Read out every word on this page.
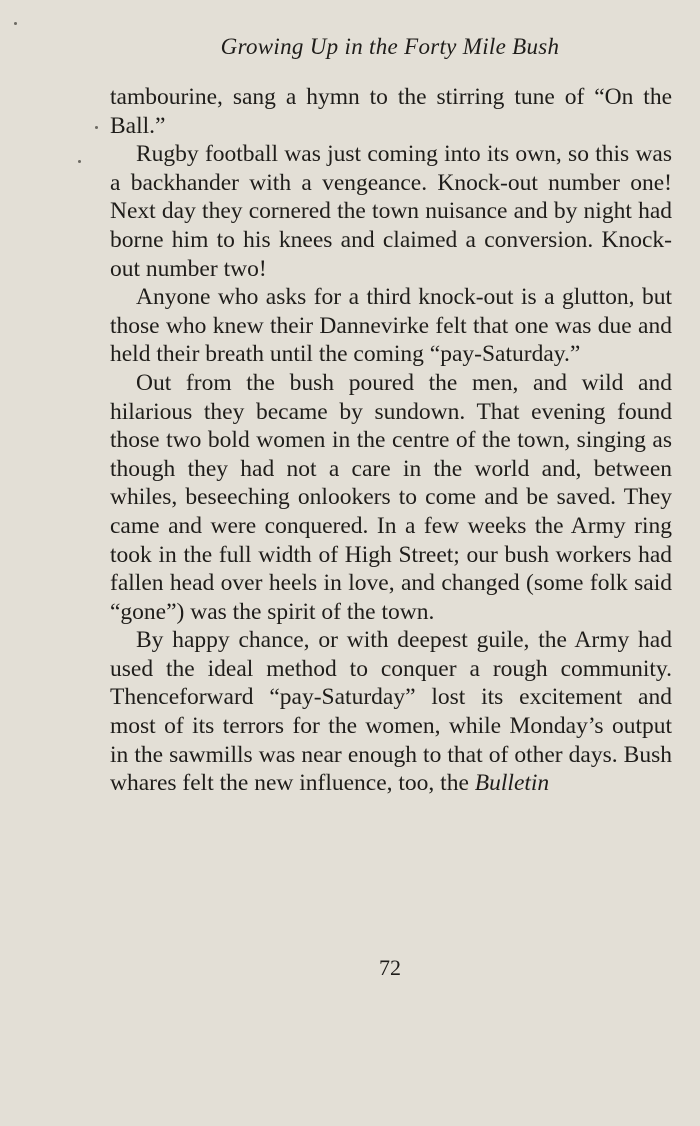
Growing Up in the Forty Mile Bush

tambourine, sang a hymn to the stirring tune of “On the Ball.”

Rugby football was just coming into its own, so this was a backhander with a vengeance. Knock-out number one! Next day they cornered the town nuisance and by night had borne him to his knees and claimed a conversion. Knock-out number two!

Anyone who asks for a third knock-out is a glutton, but those who knew their Dannevirke felt that one was due and held their breath until the coming “pay-Saturday.”

Out from the bush poured the men, and wild and hilarious they became by sundown. That evening found those two bold women in the centre of the town, singing as though they had not a care in the world and, between whiles, beseeching onlookers to come and be saved. They came and were conquered. In a few weeks the Army ring took in the full width of High Street; our bush workers had fallen head over heels in love, and changed (some folk said “gone”) was the spirit of the town.

By happy chance, or with deepest guile, the Army had used the ideal method to conquer a rough community. Thenceforward “pay-Saturday” lost its excitement and most of its terrors for the women, while Monday’s output in the sawmills was near enough to that of other days. Bush whares felt the new influence, too, the Bulletin

72
